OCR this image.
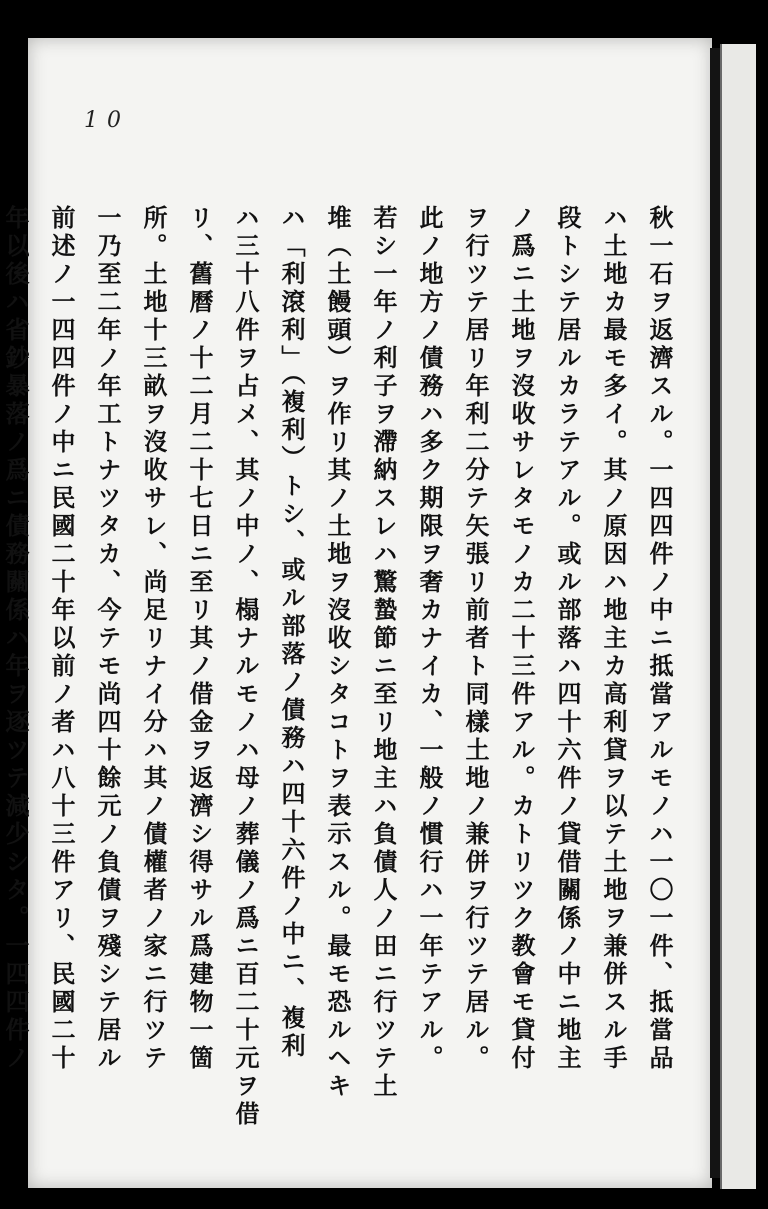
1 0
秋一石ヲ返濟スル。一四四件ノ中ニ抵當アルモノハ一〇一件、抵當品
ハ土地カ最モ多イ。其ノ原因ハ地主カ高利貸ヲ以テ土地ヲ兼併スル手
段トシテ居ルカラテアル。或ル部落ハ四十六件ノ貸借關係ノ中ニ地主
ノ爲ニ土地ヲ沒收サレタモノカ二十三件アル。カトリツク教會モ貸付
ヲ行ツテ居リ年利二分テ矢張リ前者ト同樣土地ノ兼併ヲ行ツテ居ル。
此ノ地方ノ債務ハ多ク期限ヲ奢カナイカ、一般ノ慣行ハ一年テアル。
若シ一年ノ利子ヲ滯納スレハ驚蟄節ニ至リ地主ハ負債人ノ田ニ行ツテ土
堆（土饅頭）ヲ作リ其ノ土地ヲ沒收シタコトヲ表示スル。最モ恐ルヘキ
ハ「利滾利」（複利）トシ、或ル部落ノ債務ハ四十六件ノ中ニ、複利
ハ三十八件ヲ占メ、其ノ中ノ、榻ナルモノハ母ノ葬儀ノ爲ニ百二十元ヲ借
リ、舊曆ノ十二月二十七日ニ至リ其ノ借金ヲ返濟シ得サル爲建物一箇
所。土地十三畝ヲ沒收サレ、尚足リナイ分ハ其ノ債權者ノ家ニ行ツテ
一乃至二年ノ年工トナツタカ、今テモ尚四十餘元ノ負債ヲ殘シテ居ル
前述ノ一四四件ノ中ニ民國二十年以前ノ者ハ八十三件アリ、民國二十
年以後ハ省鈔暴落ノ爲ニ債務關係ハ年ヲ逐ツテ減少シタ。一四四件ノ
